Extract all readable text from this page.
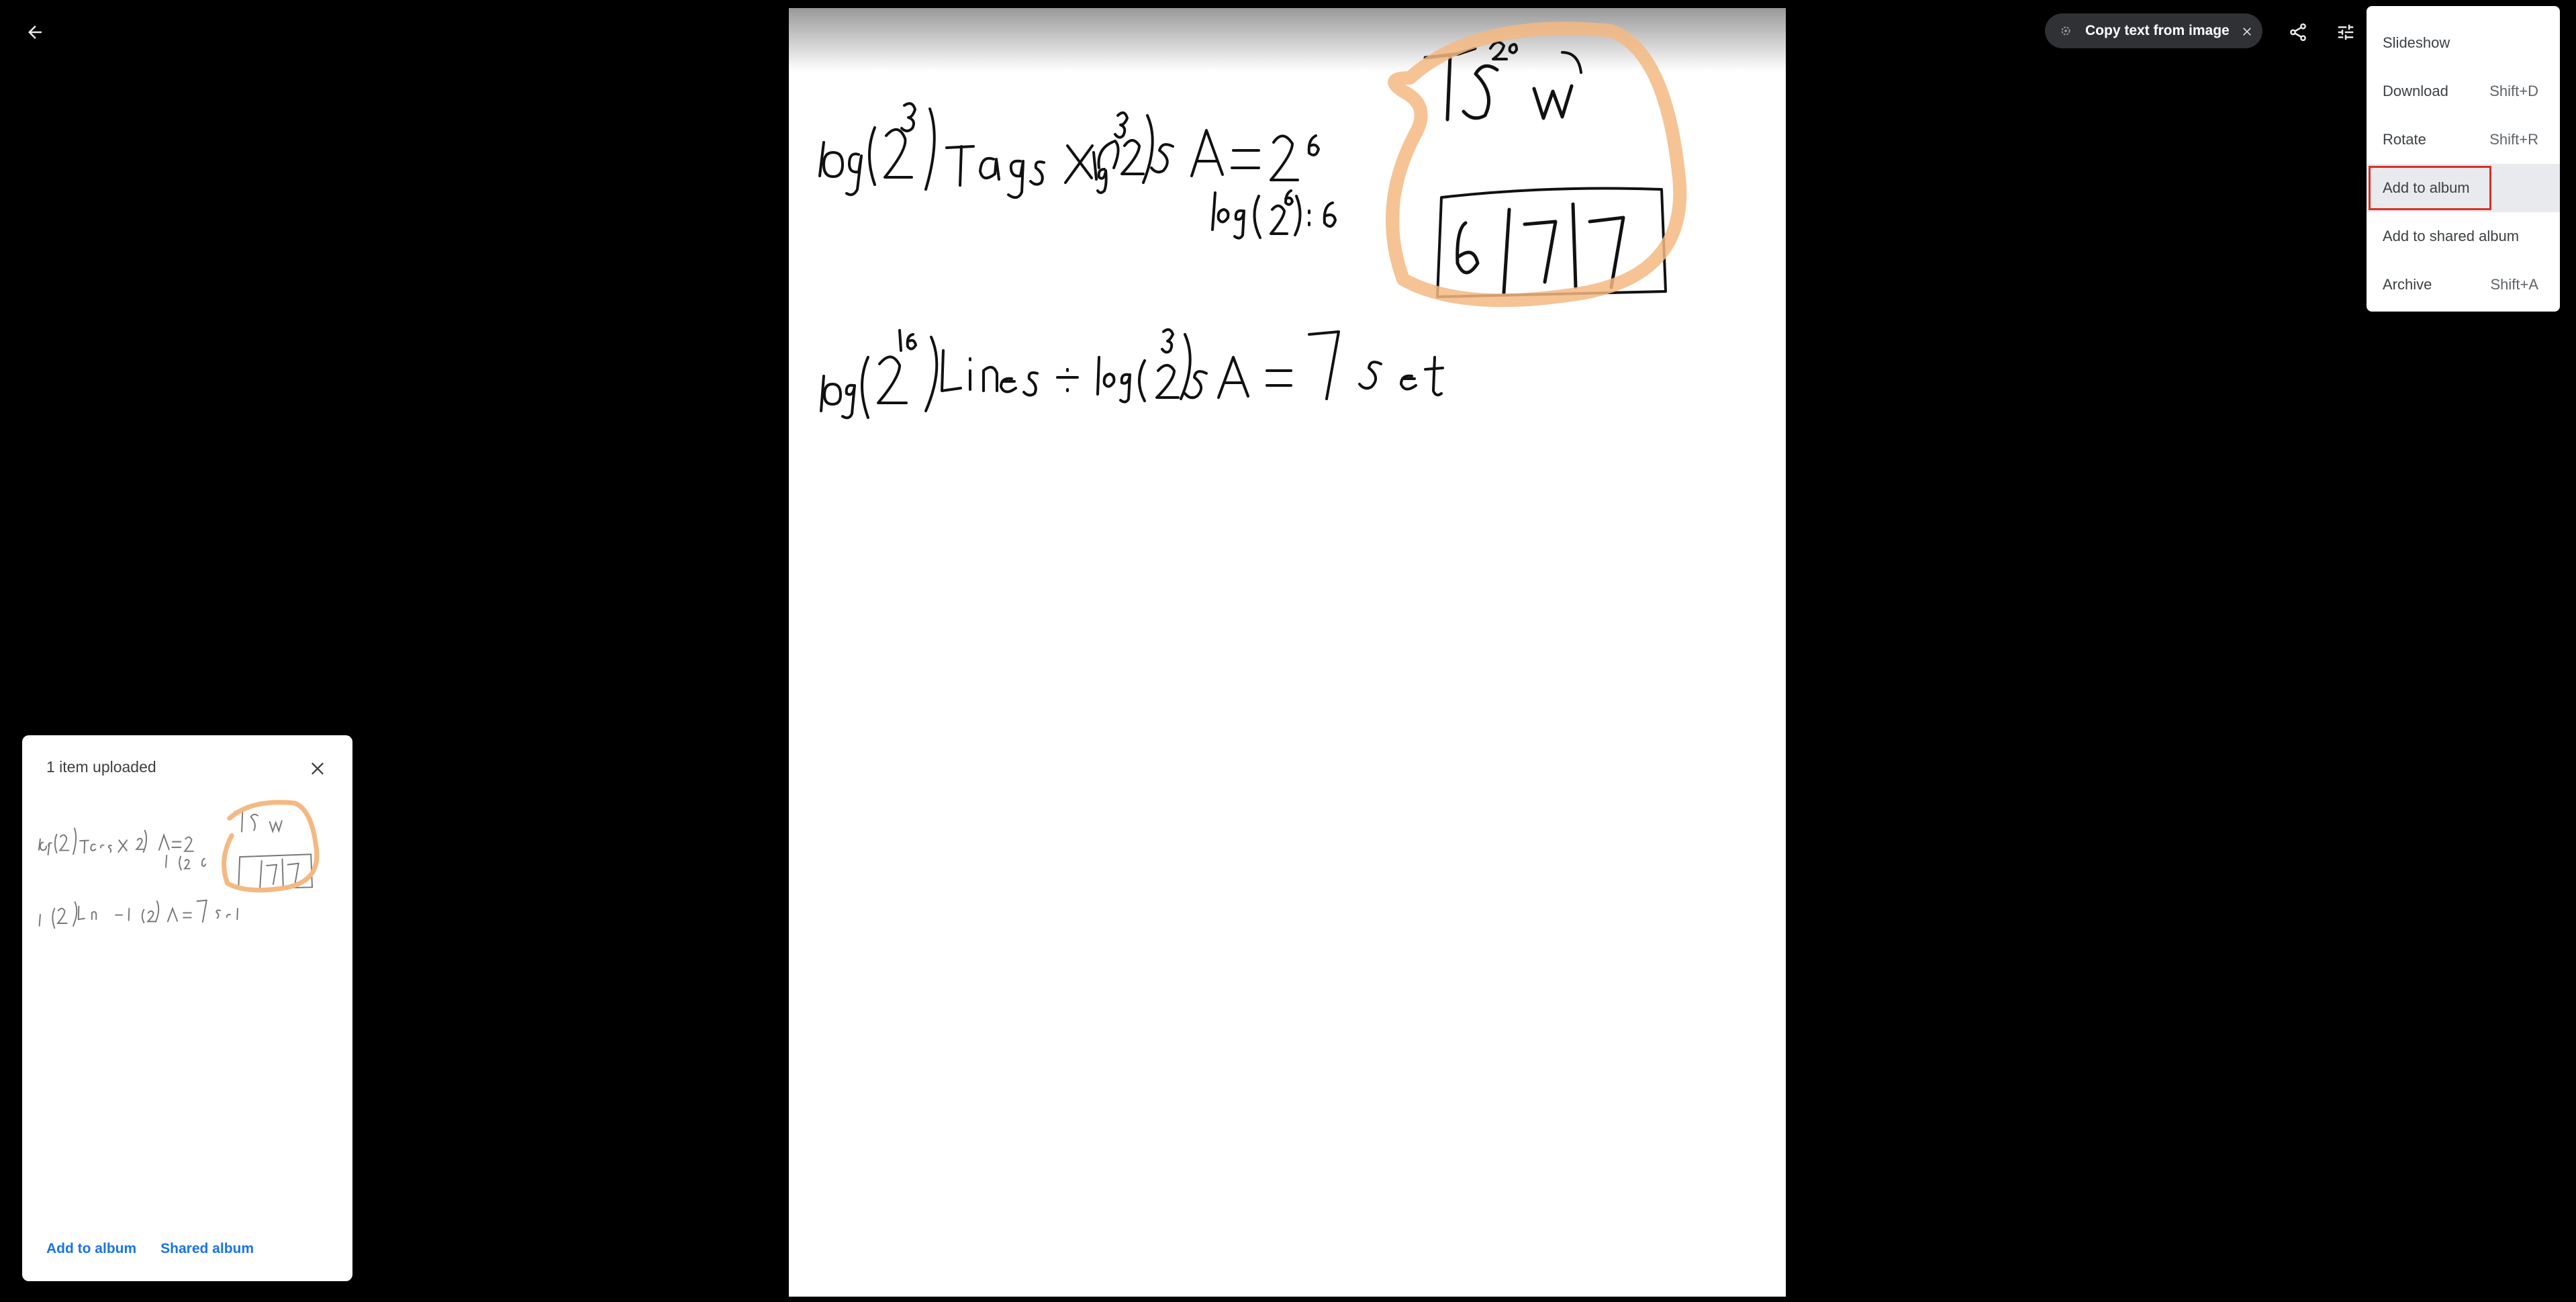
Copy text from image
Slideshow
Download	Shift+D
Rotate	Shift+R
Add to album
Add to shared album
Archive	Shift+A
1 item uploaded
Add to album Shared album
